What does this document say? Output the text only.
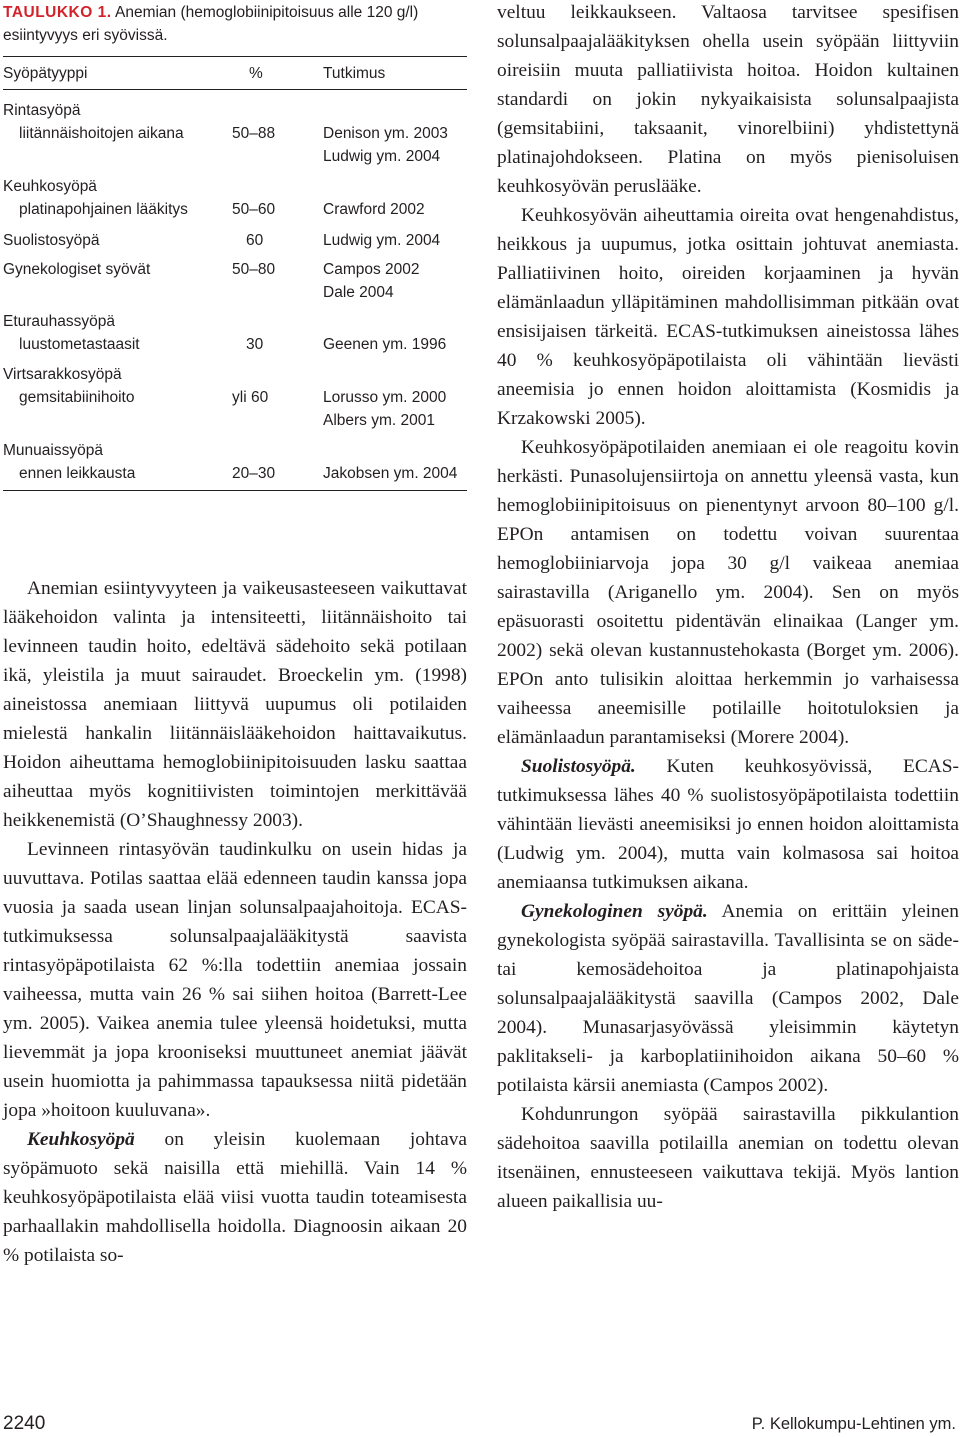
TAULUKKO 1. Anemian (hemoglobiinipitoisuus alle 120 g/l)
esiintyvyys eri syövissä.
Syöpätyyppi	%	Tutkimus
Rintasyöpä
liitännäishoitojen aikana	50–88	Denison ym. 2003
Ludwig ym. 2004
Keuhkosyöpä
platinapohjainen lääkitys	50–60	Crawford 2002
Suolistosyöpä	60	Ludwig ym. 2004
Gynekologiset syövät	50–80	Campos 2002
Dale 2004
Eturauhassyöpä
luustometastaasit	30	Geenen ym. 1996
Virtsarakkosyöpä
gemsitabiinihoito	yli 60	Lorusso ym. 2000
Albers ym. 2001
Munuaissyöpä
ennen leikkausta	20–30	Jakobsen ym. 2004

Anemian esiintyvyyteen ja vaikeusasteeseen vaikuttavat lääkehoidon valinta ja intensiteetti, liitännäishoito tai levinneen taudin hoito, edeltävä sädehoito sekä potilaan ikä, yleistila ja muut sairaudet. Broeckelin ym. (1998) aineistossa anemiaan liittyvä uupumus oli potilaiden mielestä hankalin liitännäislääkehoidon haittavaikutus. Hoidon aiheuttama hemoglobiinipitoisuuden lasku saattaa aiheuttaa myös kognitiivisten toimintojen merkittävää heikkenemistä (O’Shaughnessy 2003).

Levinneen rintasyövän taudinkulku on usein hidas ja uuvuttava. Potilas saattaa elää edenneen taudin kanssa jopa vuosia ja saada usean linjan solunsalpaajahoitoja. ECAS-tutkimuksessa solunsalpaajalääkitystä saavista rintasyöpäpotilaista 62 %:lla todettiin anemiaa jossain vaiheessa, mutta vain 26 % sai siihen hoitoa (Barrett-Lee ym. 2005). Vaikea anemia tulee yleensä hoidetuksi, mutta lievemmät ja jopa krooniseksi muuttuneet anemiat jäävät usein huomiotta ja pahimmassa tapauksessa niitä pidetään jopa »hoitoon kuuluvana».

Keuhkosyöpä on yleisin kuolemaan johtava syöpämuoto sekä naisilla että miehillä. Vain 14 % keuhkosyöpäpotilaista elää viisi vuotta taudin toteamisesta parhaallakin mahdollisella hoidolla. Diagnoosin aikaan 20 % potilaista so-

veltuu leikkaukseen. Valtaosa tarvitsee spesifisen solunsalpaajalääkityksen ohella usein syöpään liittyviin oireisiin muuta palliatiivista hoitoa. Hoidon kultainen standardi on jokin nykyaikaisista solunsalpaajista (gemsitabiini, taksaanit, vinorelbiini) yhdistettynä platinajohdokseen. Platina on myös pienisoluisen keuhkosyövän peruslääke.

Keuhkosyövän aiheuttamia oireita ovat hengenahdistus, heikkous ja uupumus, jotka osittain johtuvat anemiasta. Palliatiivinen hoito, oireiden korjaaminen ja hyvän elämänlaadun ylläpitäminen mahdollisimman pitkään ovat ensisijaisen tärkeitä. ECAS-tutkimuksen aineistossa lähes 40 % keuhkosyöpäpotilaista oli vähintään lievästi aneemisia jo ennen hoidon aloittamista (Kosmidis ja Krzakowski 2005).

Keuhkosyöpäpotilaiden anemiaan ei ole reagoitu kovin herkästi. Punasolujensiirtoja on annettu yleensä vasta, kun hemoglobiinipitoisuus on pienentynyt arvoon 80–100 g/l. EPOn antamisen on todettu voivan suurentaa hemoglobiiniarvoja jopa 30 g/l vaikeaa anemiaa sairastavilla (Ariganello ym. 2004). Sen on myös epäsuorasti osoitettu pidentävän elinaikaa (Langer ym. 2002) sekä olevan kustannustehokasta (Borget ym. 2006). EPOn anto tulisikin aloittaa herkemmin jo varhaisessa vaiheessa aneemisille potilaille hoitotuloksien ja elämänlaadun parantamiseksi (Morere 2004).

Suolistosyöpä. Kuten keuhkosyövissä, ECAS-tutkimuksessa lähes 40 % suolistosyöpäpotilaista todettiin vähintään lievästi aneemisiksi jo ennen hoidon aloittamista (Ludwig ym. 2004), mutta vain kolmasosa sai hoitoa anemiaansa tutkimuksen aikana.

Gynekologinen syöpä. Anemia on erittäin yleinen gynekologista syöpää sairastavilla. Tavallisinta se on säde- tai kemosädehoitoa ja platinapohjaista solunsalpaajalääkitystä saavilla (Campos 2002, Dale 2004). Munasarjasyövässä yleisimmin käytetyn paklitakseli- ja karboplatiinihoidon aikana 50–60 % potilaista kärsii anemiasta (Campos 2002).

Kohdunrungon syöpää sairastavilla pikkulantion sädehoitoa saavilla potilailla anemian on todettu olevan itsenäinen, ennusteeseen vaikuttava tekijä. Myös lantion alueen paikallisia uu-

2240	P. Kellokumpu-Lehtinen ym.
